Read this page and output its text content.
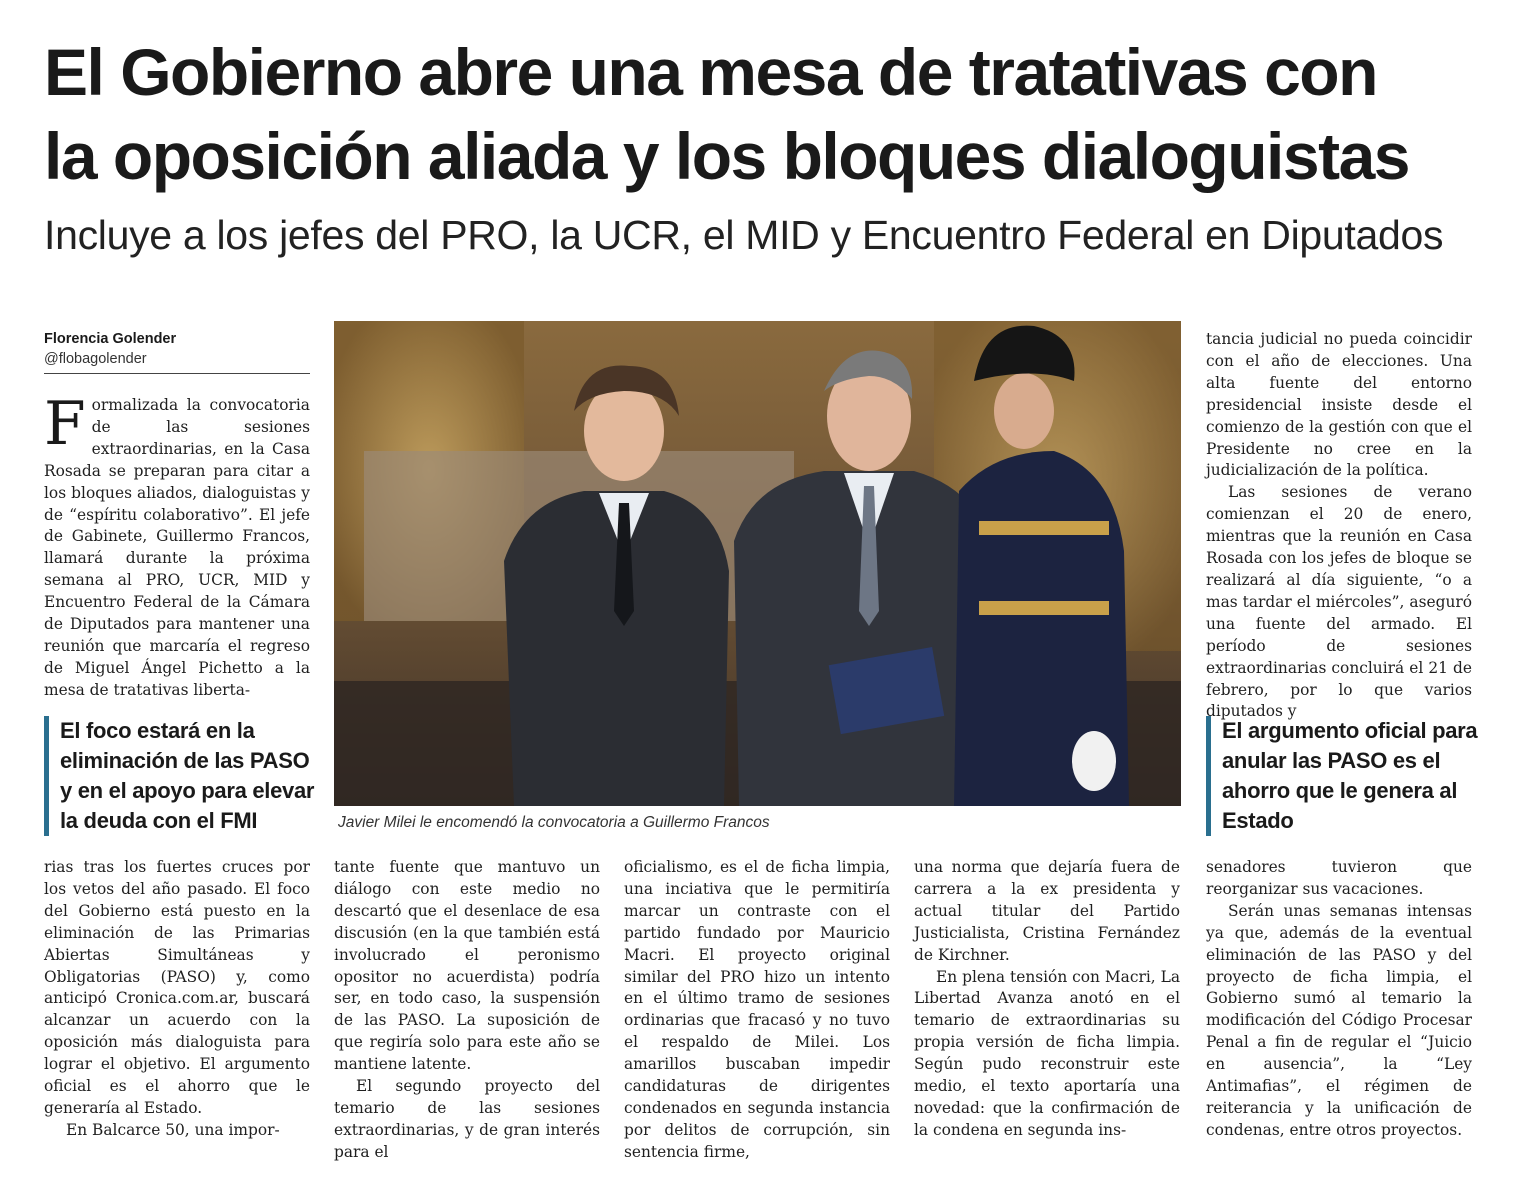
El Gobierno abre una mesa de tratativas con
la oposición aliada y los bloques dialoguistas
Incluye a los jefes del PRO, la UCR, el MID y Encuentro Federal en Diputados
Florencia Golender
@flobagolender

Formalizada la convocatoria de las sesiones extraordinarias, en la Casa Rosada se preparan para citar a los bloques aliados, dialoguistas y de “espíritu colaborativo”. El jefe de Gabinete, Guillermo Francos, llamará durante la próxima semana al PRO, UCR, MID y Encuentro Federal de la Cámara de Diputados para mantener una reunión que marcaría el regreso de Miguel Ángel Pichetto a la mesa de tratativas liberta-

El foco estará en la eliminación de las PASO y en el apoyo para elevar la deuda con el FMI	Javier Milei le encomendó la convocatoria a Guillermo Francos

tancia judicial no pueda coincidir con el año de elecciones. Una alta fuente del entorno presidencial insiste desde el comienzo de la gestión con que el Presidente no cree en la judicialización de la política.

Las sesiones de verano comienzan el 20 de enero, mientras que la reunión en Casa Rosada con los jefes de bloque se realizará al día siguiente, “o a mas tardar el miércoles”, aseguró una fuente del armado. El período de sesiones extraordinarias concluirá el 21 de febrero, por lo que varios diputados y

El argumento oficial para anular las PASO es el ahorro que le genera al Estado

rias tras los fuertes cruces por los vetos del año pasado. El foco del Gobierno está puesto en la eliminación de las Primarias Abiertas Simultáneas y Obligatorias (PASO) y, como anticipó Cronica.com.ar, buscará alcanzar un acuerdo con la oposición más dialoguista para lograr el objetivo. El argumento oficial es el ahorro que le generaría al Estado.

En Balcarce 50, una impor-

tante fuente que mantuvo un diálogo con este medio no descartó que el desenlace de esa discusión (en la que también está involucrado el peronismo opositor no acuerdista) podría ser, en todo caso, la suspensión de las PASO. La suposición de que regiría solo para este año se mantiene latente.

El segundo proyecto del temario de las sesiones extraordinarias, y de gran interés para el

oficialismo, es el de ficha limpia, una inciativa que le permitiría marcar un contraste con el partido fundado por Mauricio Macri. El proyecto original similar del PRO hizo un intento en el último tramo de sesiones ordinarias que fracasó y no tuvo el respaldo de Milei. Los amarillos buscaban impedir candidaturas de dirigentes condenados en segunda instancia por delitos de corrupción, sin sentencia firme,

una norma que dejaría fuera de carrera a la ex presidenta y actual titular del Partido Justicialista, Cristina Fernández de Kirchner.

En plena tensión con Macri, La Libertad Avanza anotó en el temario de extraordinarias su propia versión de ficha limpia. Según pudo reconstruir este medio, el texto aportaría una novedad: que la confirmación de la condena en segunda ins-

senadores tuvieron que reorganizar sus vacaciones.

Serán unas semanas intensas ya que, además de la eventual eliminación de las PASO y del proyecto de ficha limpia, el Gobierno sumó al temario la modificación del Código Procesar Penal a fin de regular el “Juicio en ausencia”, la “Ley Antimafias”, el régimen de reiterancia y la unificación de condenas, entre otros proyectos.
